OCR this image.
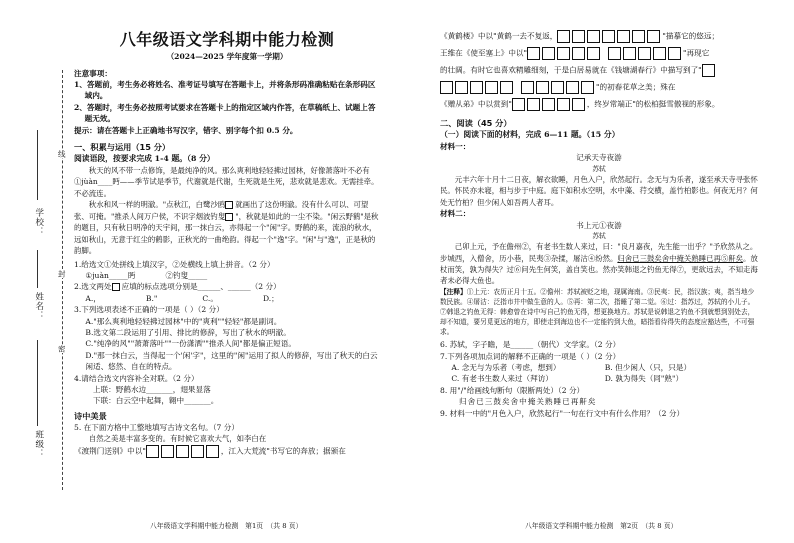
学校：
姓名：
班级：
线
封
密
八年级语文学科期中能力检测
（2024—2025 学年度第一学期）
注意事项：
1、答题前，考生务必将姓名、准考证号填写在答题卡上，并将条形码准确粘贴在条形码区域内。
2、答题时，考生务必按照考试要求在答题卡上的指定区域内作答，在草稿纸上、试题上答题无效。
提示：请在答题卡上正确地书写汉字，错字、别字每个扣 0.5 分。
一、积累与运用（15 分）
阅读语段，按要求完成 1-4 题。（8 分）
秋天的风不带一点修饰，是最纯净的风。那么爽利地轻轻拂过园林，好像萧落叶不必有①jùàn____眄——季节试是季节，代谢就是代谢，生死就是生死，悲欢就是悲欢。无需挂牵。不必流连。
秋水和风一样的明澈。"点秋江，白鹭沙鸥 就画出了这份明澈。没有什么可以、可望张、可掩。"推杀人间万户侯，不识字烟波钓叟 "，秋就是如此的一尘不染。"闲云野鹤"是秋的题目，只有秋日明净的天宇间，那一抹白云，亦得起一个"闲"字。野鹤的来，流浪的秋水，远如秋山，无意于红尘的鹤影，正秋光的一曲绝韵。得起一个"逸"字。"闲"与"逸"，正是秋的韵脚。
1.给选文①处拼线上填汉字，②处横线上填上拼音。（2 分）
①juàn_____眄	②钓叟_____
2.选文两处 应填的标点选项分别是______、______（2 分）
A.，	B."	C.。	D.；
3.下列选项表述不正确的一项是（ ）（2 分）
A."那么爽利地轻轻拂过园林"中的"爽利""轻轻"都是副词。
B.选文第二段运用了引用、排比的修辞，写出了秋水的明澈。
C."纯净的风""萧萧落叶""一份潇洒""推杀人间"都是偏正短语。
D."那一抹白云，当得起一个'闲'字"，这里的"闲"运用了拟人的修辞，写出了秋天的白云闲适、悠然、自在的特点。
4.请结合选文内容补全对联。（2 分）
上联：野鹤水边_______，翅果显落
下联：白云空中起舞，翱中_______。
诗中美景
5. 在下面方格中工整地填写古诗文名句。（7 分）
自然之美是丰富多变的。有时候它喜欢大气，如李白在
《渡荆门送别》中以"	，江入大荒流"书写它的奔放；据颁在
《黄鹤楼》中以"黄鹤一去不复返，	"描摹它的悠远；
王维在《使至塞上》中以"	"再现它
的壮阔。有时它也喜欢精雕细刻，于是白居易就在《钱塘湖春行》中描写到了"
"的初春花草之美；殊在
《赠从弟》中以赏到"	，终岁常端正"的松柏挺雪傲视的形象。
二、阅读（45 分）
（一）阅读下面的材料，完成 6—11 题。（15 分）
材料一：
记承天寺夜游
苏轼
元丰六年十月十二日夜，解衣欲睡，月色入户，欣然起行。念无与为乐者，遂至承天寺寻张怀民。怀民亦未寝，相与步于中庭。庭下如积水空明，水中藻、荇交横，盖竹柏影也。何夜无月？何处无竹柏？但少闲人如吾两人者耳。
材料二：
书上元①夜游
苏轼
己卯上元，予在儋州②，有老书生数人来过，曰："良月嘉夜，先生能一出乎？"予欣然从之。步城西，入僧舍，历小巷，民夷③杂揉，屠沽④纷然。归舍已三鼓矣舍中掩关熟睡已再⑤鼾矣。放杖而笑，孰为得失？过⑥问先生何笑，盖自笑也。然亦笑韩退之钓鱼无得⑦，更欲远去，不知走海者未必得大鱼也。
【注释】①上元：农历正月十五。②儋州：苏轼被贬之地，现属海南。③民夷：民，指汉族；夷，指当地少数民族。④屠沽：泛指市井中做生意的人。⑤再：第二次，指睡了第二觉。⑥过：指苏过，苏轼的小儿子。⑦韩退之钓鱼无得：韩愈曾在诗中写自己钓鱼无得，想更换地方。苏轼是说韩退之钓鱼不到就想到别处去，却不知道，要另觅更远的地方，即使走到海边也不一定能钓到大鱼，暗指看待得失的态度应豁达些，不可强求。
6. 苏轼，字子瞻，是______（朝代）文学家。（2 分）
7.下列各项加点词的解释不正确的一项是（ ）（2 分）
A. 念无与为乐者（考虑，想到）	B. 但少闲人（只，只是）
C. 有老书生数人来过（拜访）	D. 孰为得失（同"熟"）
8. 用"/"给画线句断句（限断两处）（2 分）
归舍已三鼓矣舍中掩关熟睡已再鼾矣
9. 材料一中的"月色入户，欣然起行"一句在行文中有什么作用？（2 分）
八年级语文学科期中能力检测　第1页　（共 8 页）	八年级语文学科期中能力检测　第2页　（共 8 页）
